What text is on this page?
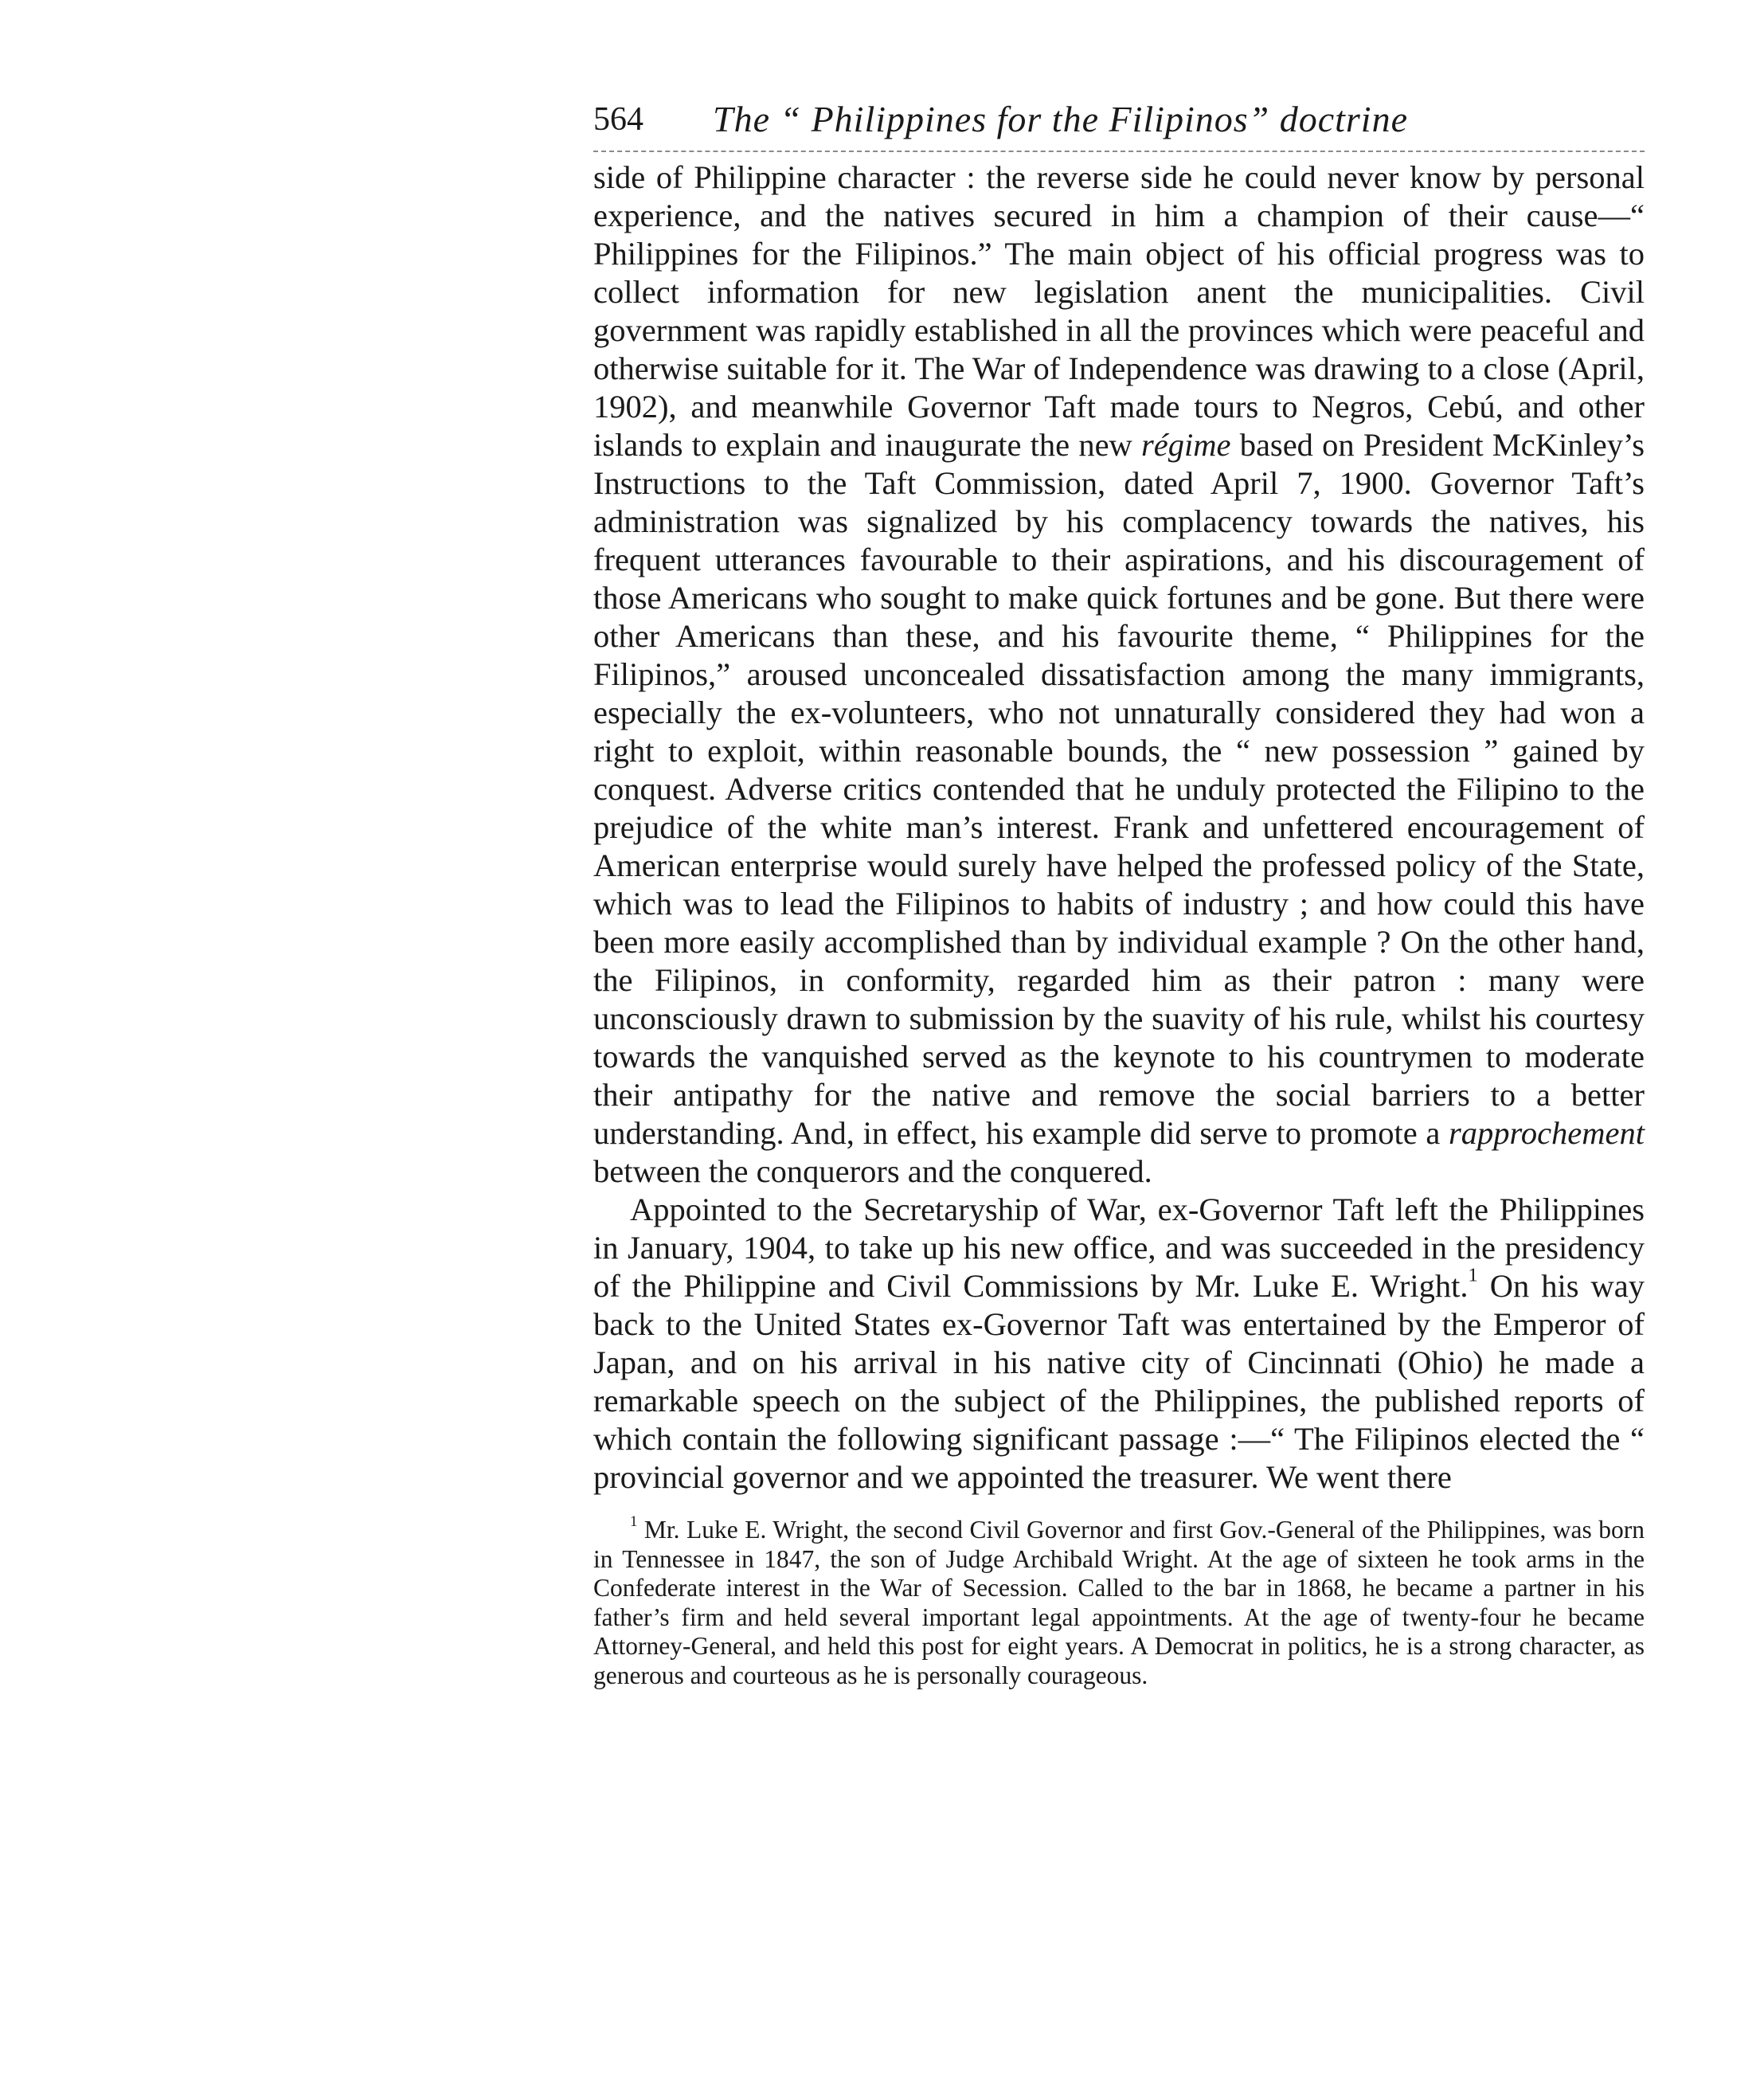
564 The “ Philippines for the Filipinos” doctrine

side of Philippine character : the reverse side he could never know by personal experience, and the natives secured in him a champion of their cause—“ Philippines for the Filipinos.” The main object of his official progress was to collect information for new legislation anent the municipalities. Civil government was rapidly established in all the provinces which were peaceful and otherwise suitable for it. The War of Independence was drawing to a close (April, 1902), and meanwhile Governor Taft made tours to Negros, Cebú, and other islands to explain and inaugurate the new régime based on President McKinley’s Instructions to the Taft Commission, dated April 7, 1900. Governor Taft’s administration was signalized by his complacency towards the natives, his frequent utterances favourable to their aspirations, and his discouragement of those Americans who sought to make quick fortunes and be gone. But there were other Americans than these, and his favourite theme, “ Philippines for the Filipinos,” aroused unconcealed dissatisfaction among the many immigrants, especially the ex-volunteers, who not unnaturally considered they had won a right to exploit, within reasonable bounds, the “ new possession ” gained by conquest. Adverse critics contended that he unduly protected the Filipino to the prejudice of the white man’s interest. Frank and unfettered encouragement of American enterprise would surely have helped the professed policy of the State, which was to lead the Filipinos to habits of industry ; and how could this have been more easily accomplished than by individual example ? On the other hand, the Filipinos, in conformity, regarded him as their patron : many were unconsciously drawn to submission by the suavity of his rule, whilst his courtesy towards the vanquished served as the keynote to his countrymen to moderate their antipathy for the native and remove the social barriers to a better understanding. And, in effect, his example did serve to promote a rapprochement between the conquerors and the conquered.

Appointed to the Secretaryship of War, ex-Governor Taft left the Philippines in January, 1904, to take up his new office, and was succeeded in the presidency of the Philippine and Civil Commissions by Mr. Luke E. Wright.$^1$ On his way back to the United States ex-Governor Taft was entertained by the Emperor of Japan, and on his arrival in his native city of Cincinnati (Ohio) he made a remarkable speech on the subject of the Philippines, the published reports of which contain the following significant passage :—“ The Filipinos elected the “ provincial governor and we appointed the treasurer. We went there

$^1$ Mr. Luke E. Wright, the second Civil Governor and first Gov.-General of the Philippines, was born in Tennessee in 1847, the son of Judge Archibald Wright. At the age of sixteen he took arms in the Confederate interest in the War of Secession. Called to the bar in 1868, he became a partner in his father’s firm and held several important legal appointments. At the age of twenty-four he became Attorney-General, and held this post for eight years. A Democrat in politics, he is a strong character, as generous and courteous as he is personally courageous.
